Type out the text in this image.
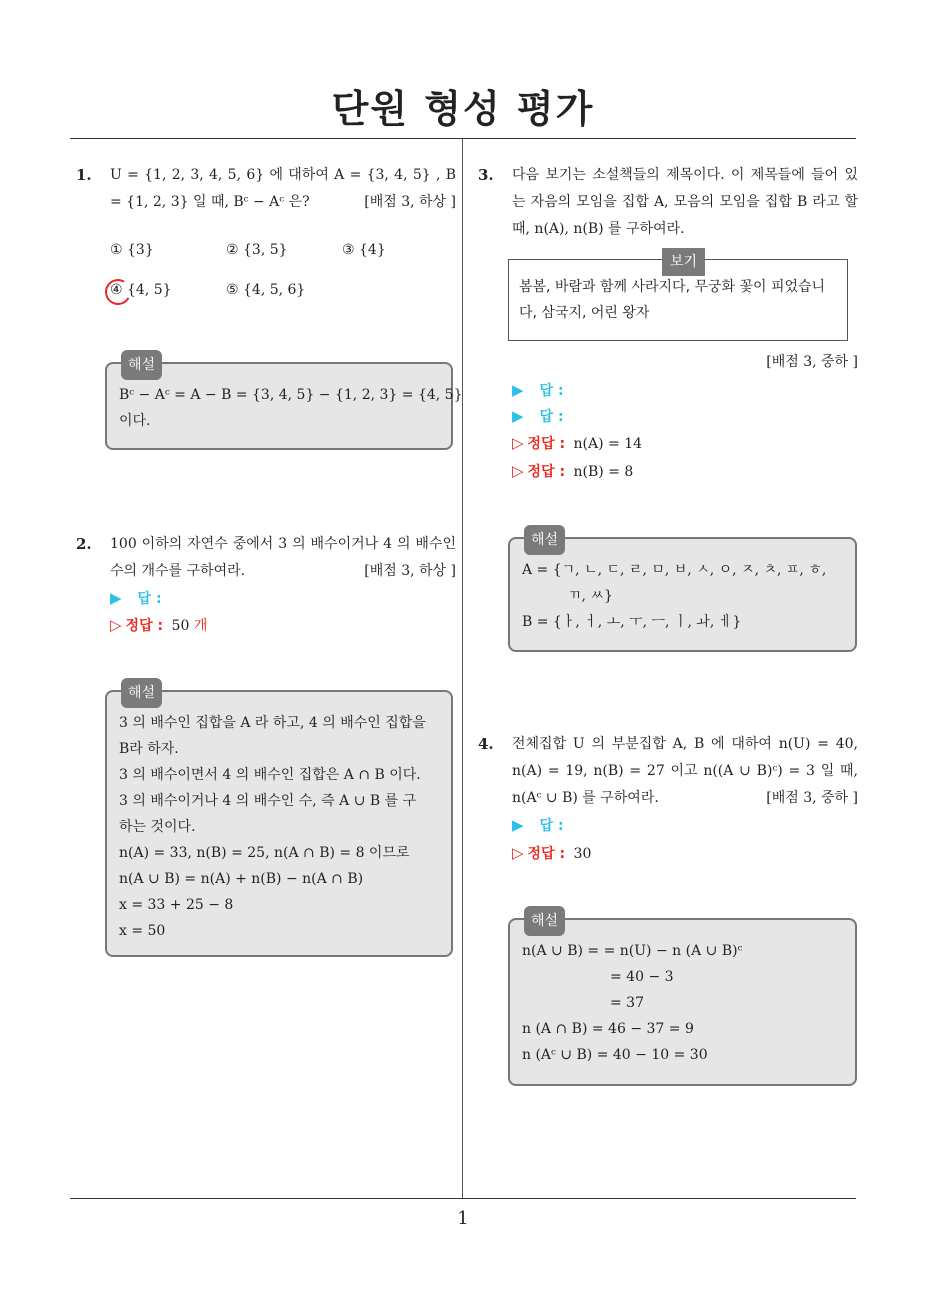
단원 형성 평가
1. U = {1, 2, 3, 4, 5, 6} 에 대하여 A = {3, 4, 5} , B = {1, 2, 3} 일 때, Bᶜ − Aᶜ 은?	[배점 3, 하상 ]
① {3}	② {3, 5}	③ {4}
④ {4, 5}	⑤ {4, 5, 6}
해설
Bᶜ − Aᶜ = A − B = {3, 4, 5} − {1, 2, 3} = {4, 5}
이다.
2. 100 이하의 자연수 중에서 3 의 배수이거나 4 의 배수인 수의 개수를 구하여라.	[배점 3, 하상 ]
▶ 답 :
▷ 정답 : 50 개
해설
3 의 배수인 집합을 A 라 하고, 4 의 배수인 집합을
B라 하자.
3 의 배수이면서 4 의 배수인 집합은 A ∩ B 이다.
3 의 배수이거나 4 의 배수인 수, 즉 A ∪ B 를 구
하는 것이다.
n(A) = 33, n(B) = 25, n(A ∩ B) = 8 이므로
n(A ∪ B) = n(A) + n(B) − n(A ∩ B)
x = 33 + 25 − 8
x = 50
3. 다음 보기는 소설책들의 제목이다. 이 제목들에 들어 있는 자음의 모임을 집합 A, 모음의 모임을 집합 B 라고 할 때, n(A), n(B) 를 구하여라.
보기
봄봄, 바람과 함께 사라지다, 무궁화 꽃이 피었습니다, 삼국지, 어린 왕자
[배점 3, 중하 ]
▶ 답 :
▶ 답 :
▷ 정답 : n(A) = 14
▷ 정답 : n(B) = 8
해설
A = {ㄱ, ㄴ, ㄷ, ㄹ, ㅁ, ㅂ, ㅅ, ㅇ, ㅈ, ㅊ, ㅍ, ㅎ,
ㄲ, ㅆ}
B = {ㅏ, ㅓ, ㅗ, ㅜ, ㅡ, ㅣ, ㅘ, ㅔ}
4. 전체집합 U 의 부분집합 A, B 에 대하여 n(U) = 40, n(A) = 19, n(B) = 27 이고 n((A ∪ B)ᶜ) = 3 일 때, n(Aᶜ ∪ B) 를 구하여라.	[배점 3, 중하 ]
▶ 답 :
▷ 정답 : 30
해설
n(A ∪ B) = = n(U) − n (A ∪ B)ᶜ
= 40 − 3
= 37
n (A ∩ B) = 46 − 37 = 9
n (Aᶜ ∪ B) = 40 − 10 = 30
1
